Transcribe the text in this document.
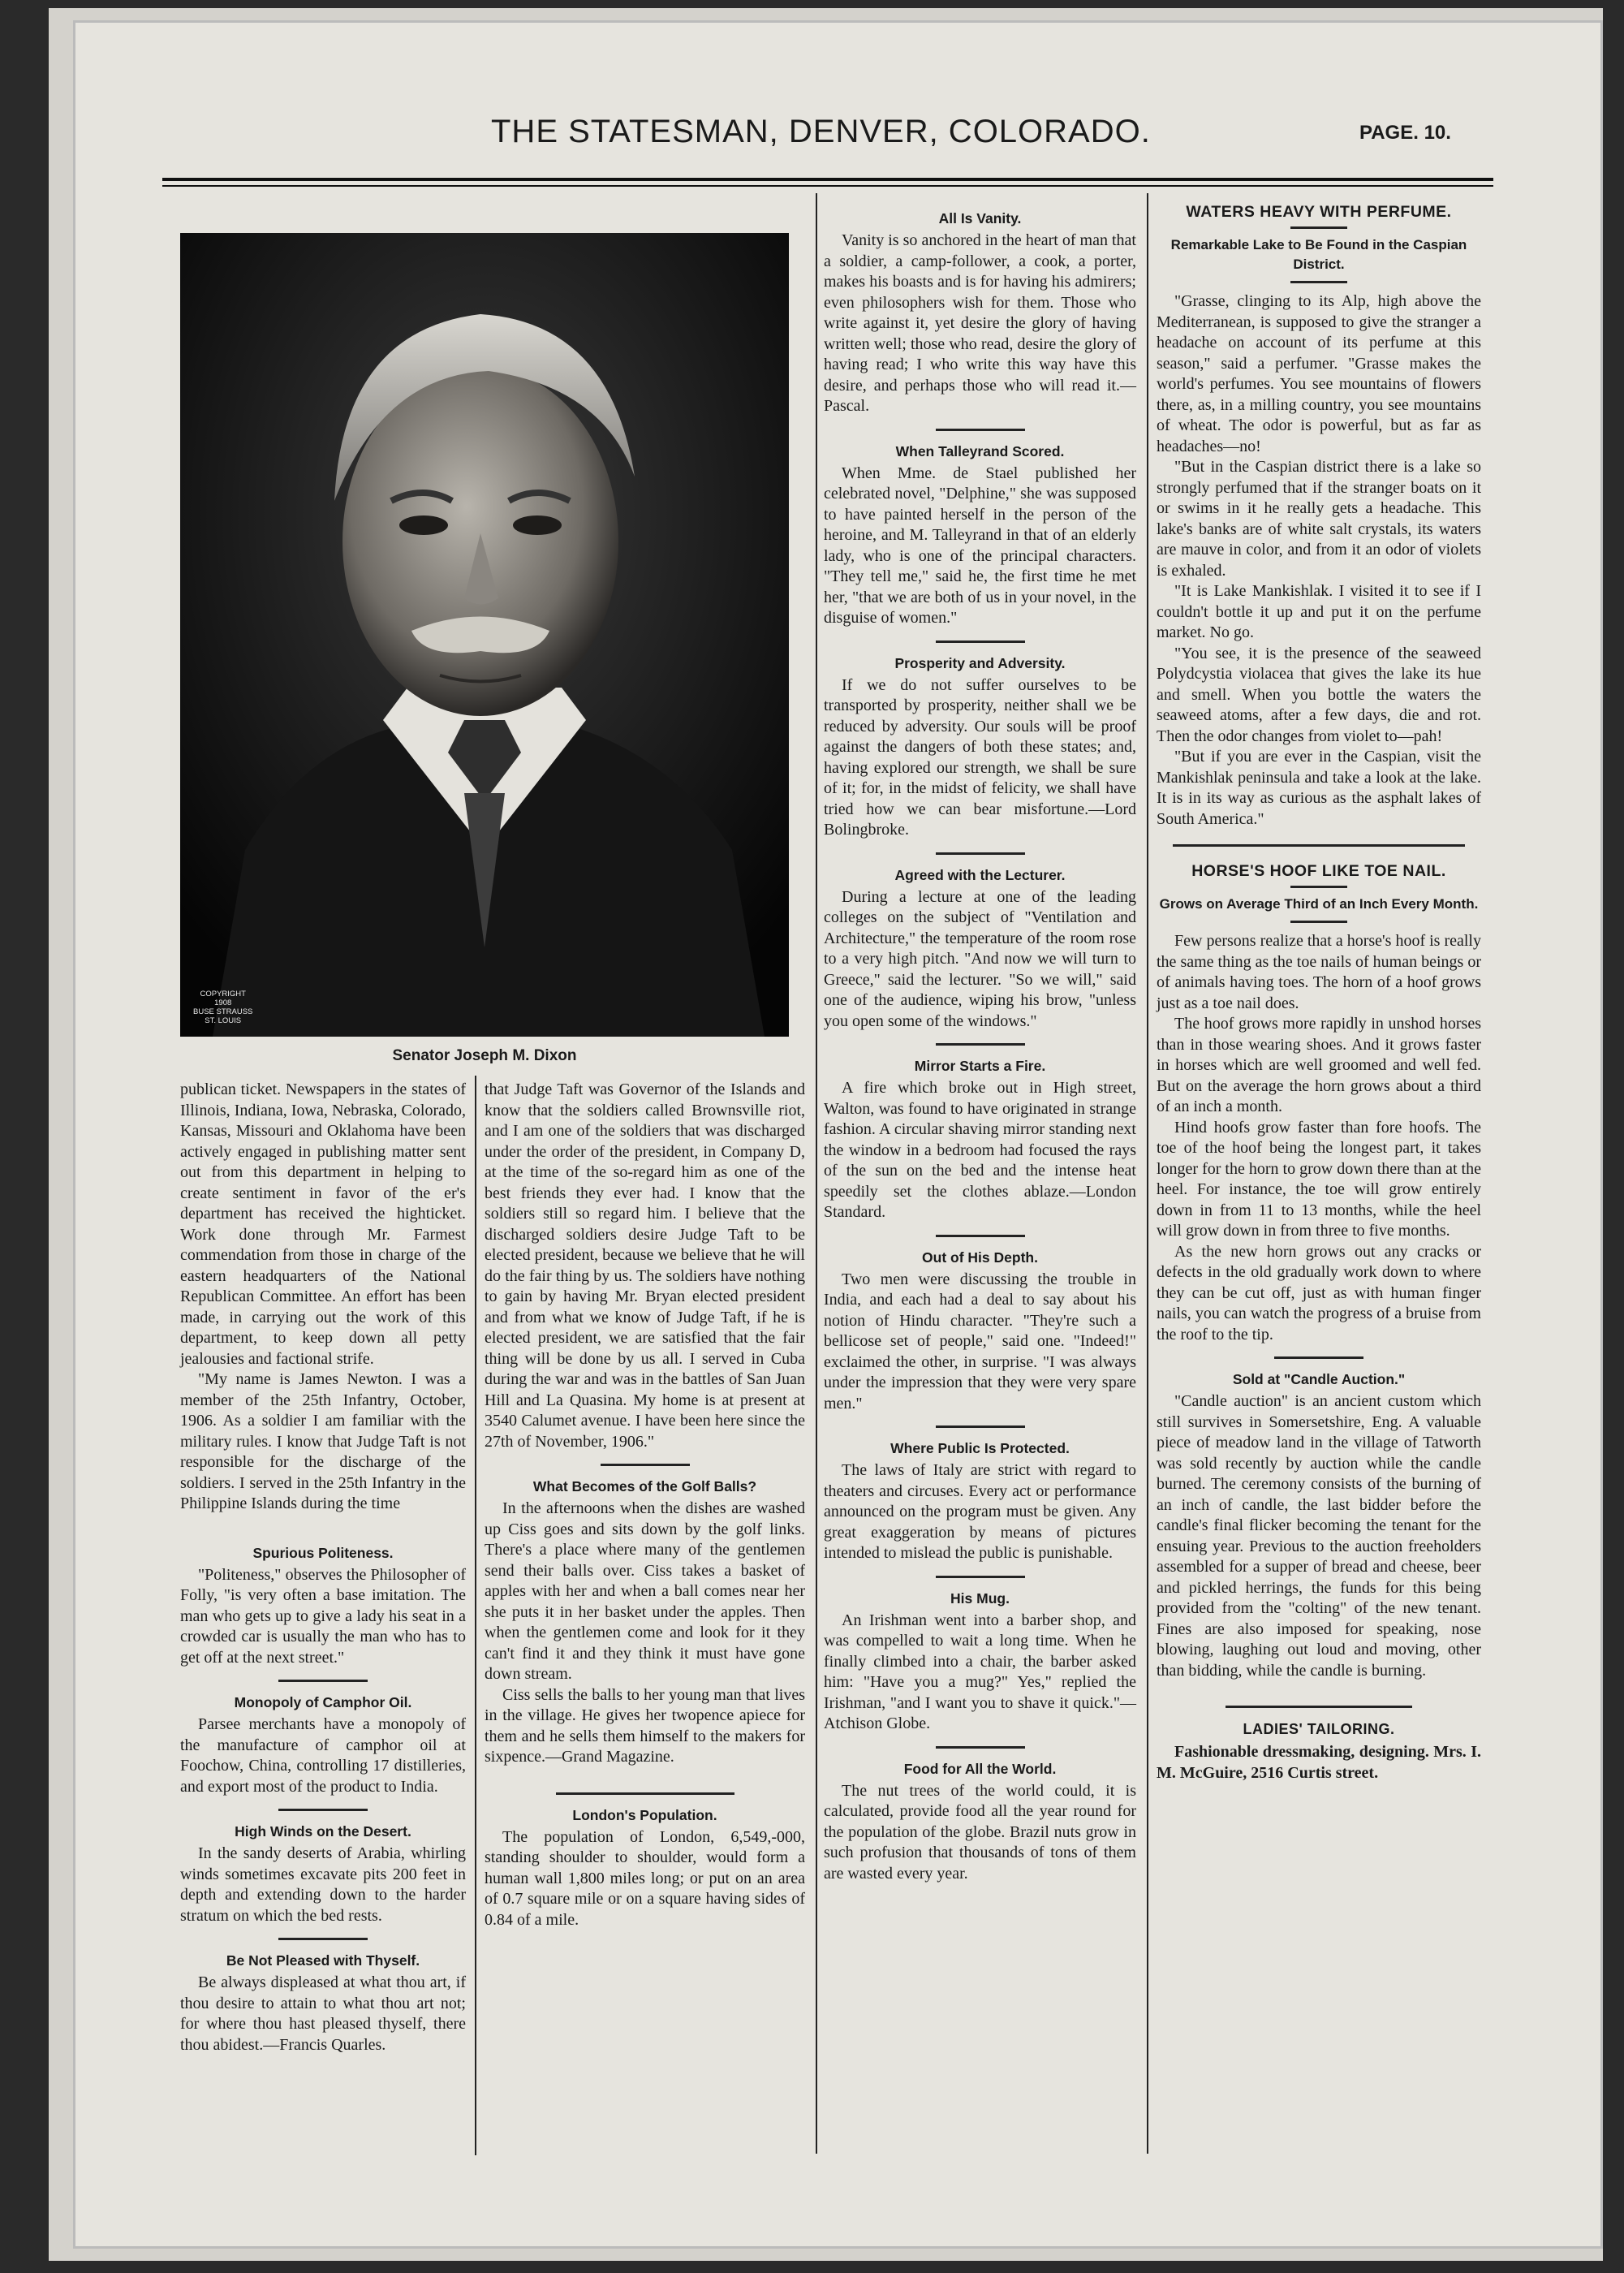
THE STATESMAN, DENVER, COLORADO.	PAGE. 10.
COPYRIGHT
1908
BUSE STRAUSS
ST. LOUIS
Senator Joseph M. Dixon

publican ticket. Newspapers in the states of Illinois, Indiana, Iowa, Nebraska, Colorado, Kansas, Missouri and Oklahoma have been actively engaged in publishing matter sent out from this department in helping to create sentiment in favor of the er's department has received the highticket. Work done through Mr. Farmest commendation from those in charge of the eastern headquarters of the National Republican Committee. An effort has been made, in carrying out the work of this department, to keep down all petty jealousies and factional strife.

"My name is James Newton. I was a member of the 25th Infantry, October, 1906. As a soldier I am familiar with the military rules. I know that Judge Taft is not responsible for the discharge of the soldiers. I served in the 25th Infantry in the Philippine Islands during the time

Spurious Politeness.

"Politeness," observes the Philosopher of Folly, "is very often a base imitation. The man who gets up to give a lady his seat in a crowded car is usually the man who has to get off at the next street."

Monopoly of Camphor Oil.

Parsee merchants have a monopoly of the manufacture of camphor oil at Foochow, China, controlling 17 distilleries, and export most of the product to India.

High Winds on the Desert.

In the sandy deserts of Arabia, whirling winds sometimes excavate pits 200 feet in depth and extending down to the harder stratum on which the bed rests.

Be Not Pleased with Thyself.

Be always displeased at what thou art, if thou desire to attain to what thou art not; for where thou hast pleased thyself, there thou abidest.—Francis Quarles.

that Judge Taft was Governor of the Islands and know that the soldiers called Brownsville riot, and I am one of the soldiers that was discharged under the order of the president, in Company D, at the time of the so-regard him as one of the best friends they ever had. I know that the soldiers still so regard him. I believe that the discharged soldiers desire Judge Taft to be elected president, because we believe that he will do the fair thing by us. The soldiers have nothing to gain by having Mr. Bryan elected president and from what we know of Judge Taft, if he is elected president, we are satisfied that the fair thing will be done by us all. I served in Cuba during the war and was in the battles of San Juan Hill and La Quasina. My home is at present at 3540 Calumet avenue. I have been here since the 27th of November, 1906."

What Becomes of the Golf Balls?

In the afternoons when the dishes are washed up Ciss goes and sits down by the golf links. There's a place where many of the gentlemen send their balls over. Ciss takes a basket of apples with her and when a ball comes near her she puts it in her basket under the apples. Then when the gentlemen come and look for it they can't find it and they think it must have gone down stream.

Ciss sells the balls to her young man that lives in the village. He gives her twopence apiece for them and he sells them himself to the makers for sixpence.—Grand Magazine.

London's Population.

The population of London, 6,549,-000, standing shoulder to shoulder, would form a human wall 1,800 miles long; or put on an area of 0.7 square mile or on a square having sides of 0.84 of a mile.

All Is Vanity.

Vanity is so anchored in the heart of man that a soldier, a camp-follower, a cook, a porter, makes his boasts and is for having his admirers; even philosophers wish for them. Those who write against it, yet desire the glory of having written well; those who read, desire the glory of having read; I who write this way have this desire, and perhaps those who will read it.—Pascal.

When Talleyrand Scored.

When Mme. de Stael published her celebrated novel, "Delphine," she was supposed to have painted herself in the person of the heroine, and M. Talleyrand in that of an elderly lady, who is one of the principal characters. "They tell me," said he, the first time he met her, "that we are both of us in your novel, in the disguise of women."

Prosperity and Adversity.

If we do not suffer ourselves to be transported by prosperity, neither shall we be reduced by adversity. Our souls will be proof against the dangers of both these states; and, having explored our strength, we shall be sure of it; for, in the midst of felicity, we shall have tried how we can bear misfortune.—Lord Bolingbroke.

Agreed with the Lecturer.

During a lecture at one of the leading colleges on the subject of "Ventilation and Architecture," the temperature of the room rose to a very high pitch. "And now we will turn to Greece," said the lecturer. "So we will," said one of the audience, wiping his brow, "unless you open some of the windows."

Mirror Starts a Fire.

A fire which broke out in High street, Walton, was found to have originated in strange fashion. A circular shaving mirror standing next the window in a bedroom had focused the rays of the sun on the bed and the intense heat speedily set the clothes ablaze.—London Standard.

Out of His Depth.

Two men were discussing the trouble in India, and each had a deal to say about his notion of Hindu character. "They're such a bellicose set of people," said one. "Indeed!" exclaimed the other, in surprise. "I was always under the impression that they were very spare men."

Where Public Is Protected.

The laws of Italy are strict with regard to theaters and circuses. Every act or performance announced on the program must be given. Any great exaggeration by means of pictures intended to mislead the public is punishable.

His Mug.

An Irishman went into a barber shop, and was compelled to wait a long time. When he finally climbed into a chair, the barber asked him: "Have you a mug?" Yes," replied the Irishman, "and I want you to shave it quick."—Atchison Globe.

Food for All the World.

The nut trees of the world could, it is calculated, provide food all the year round for the population of the globe. Brazil nuts grow in such profusion that thousands of tons of them are wasted every year.

WATERS HEAVY WITH PERFUME.
Remarkable Lake to Be Found in the Caspian District.

"Grasse, clinging to its Alp, high above the Mediterranean, is supposed to give the stranger a headache on account of its perfume at this season," said a perfumer. "Grasse makes the world's perfumes. You see mountains of flowers there, as, in a milling country, you see mountains of wheat. The odor is powerful, but as far as headaches—no!

"But in the Caspian district there is a lake so strongly perfumed that if the stranger boats on it or swims in it he really gets a headache. This lake's banks are of white salt crystals, its waters are mauve in color, and from it an odor of violets is exhaled.

"It is Lake Mankishlak. I visited it to see if I couldn't bottle it up and put it on the perfume market. No go.

"You see, it is the presence of the seaweed Polydcystia violacea that gives the lake its hue and smell. When you bottle the waters the seaweed atoms, after a few days, die and rot. Then the odor changes from violet to—pah!

"But if you are ever in the Caspian, visit the Mankishlak peninsula and take a look at the lake. It is in its way as curious as the asphalt lakes of South America."

HORSE'S HOOF LIKE TOE NAIL.
Grows on Average Third of an Inch Every Month.

Few persons realize that a horse's hoof is really the same thing as the toe nails of human beings or of animals having toes. The horn of a hoof grows just as a toe nail does.

The hoof grows more rapidly in unshod horses than in those wearing shoes. And it grows faster in horses which are well groomed and well fed. But on the average the horn grows about a third of an inch a month.

Hind hoofs grow faster than fore hoofs. The toe of the hoof being the longest part, it takes longer for the horn to grow down there than at the heel. For instance, the toe will grow entirely down in from 11 to 13 months, while the heel will grow down in from three to five months.

As the new horn grows out any cracks or defects in the old gradually work down to where they can be cut off, just as with human finger nails, you can watch the progress of a bruise from the roof to the tip.

Sold at "Candle Auction."

"Candle auction" is an ancient custom which still survives in Somersetshire, Eng. A valuable piece of meadow land in the village of Tatworth was sold recently by auction while the candle burned. The ceremony consists of the burning of an inch of candle, the last bidder before the candle's final flicker becoming the tenant for the ensuing year. Previous to the auction freeholders assembled for a supper of bread and cheese, beer and pickled herrings, the funds for this being provided from the "colting" of the new tenant. Fines are also imposed for speaking, nose blowing, laughing out loud and moving, other than bidding, while the candle is burning.

LADIES' TAILORING.

Fashionable dressmaking, designing. Mrs. I. M. McGuire, 2516 Curtis street.
